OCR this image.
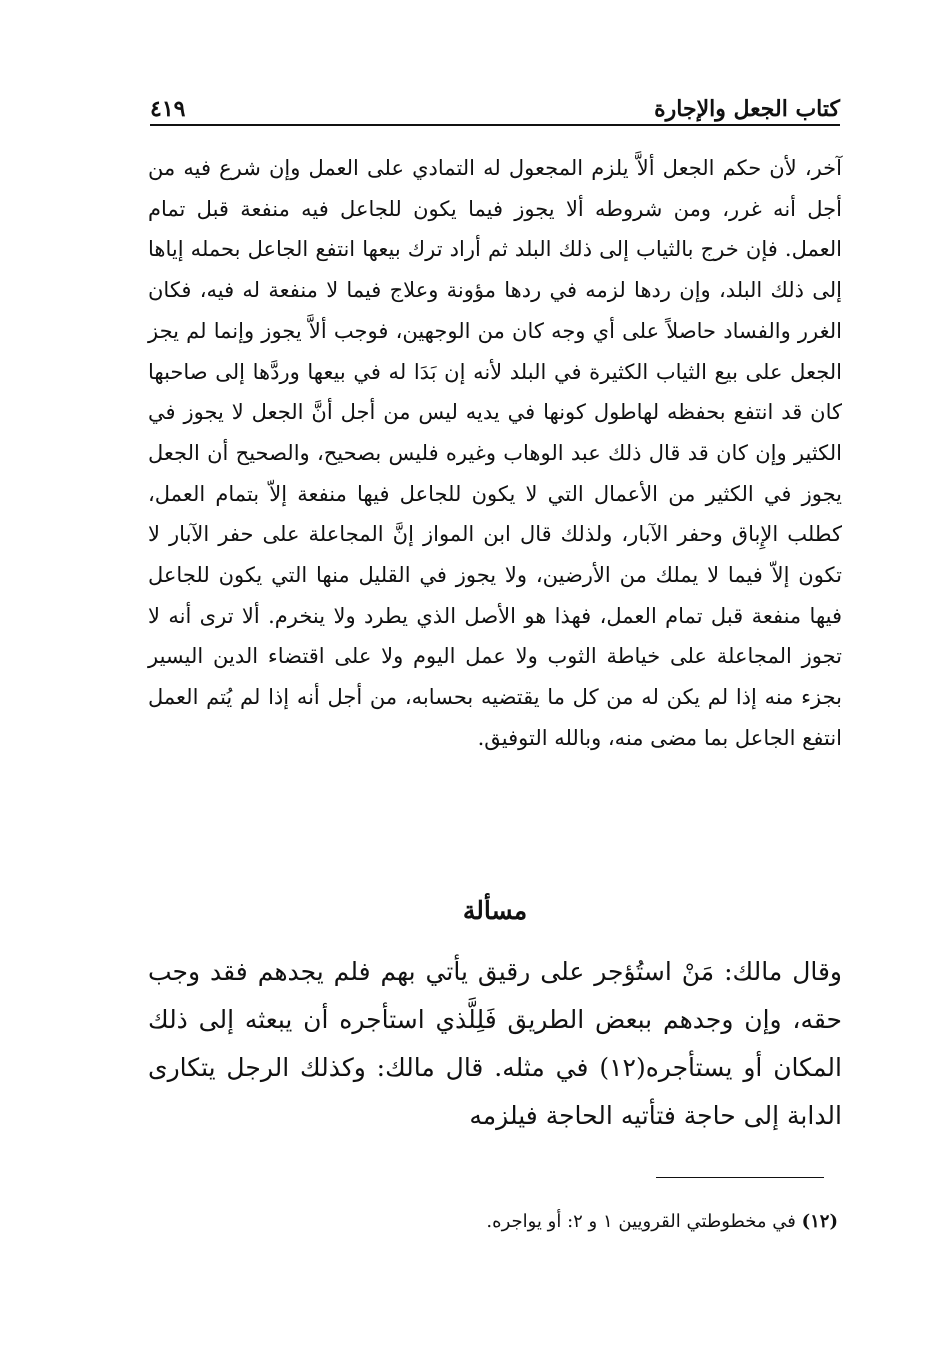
كتاب الجعل والإجارة
٤١٩

آخر، لأن حكم الجعل ألاَّ يلزم المجعول له التمادي على العمل وإن شرع فيه من أجل أنه غرر، ومن شروطه ألا يجوز فيما يكون للجاعل فيه منفعة قبل تمام العمل. فإن خرج بالثياب إلى ذلك البلد ثم أراد ترك بيعها انتفع الجاعل بحمله إياها إلى ذلك البلد، وإن ردها لزمه في ردها مؤونة وعلاج فيما لا منفعة له فيه، فكان الغرر والفساد حاصلاً على أي وجه كان من الوجهين، فوجب ألاَّ يجوز وإنما لم يجز الجعل على بيع الثياب الكثيرة في البلد لأنه إن بَدَا له في بيعها وردَّها إلى صاحبها كان قد انتفع بحفظه لهاطول كونها في يديه ليس من أجل أنَّ الجعل لا يجوز في الكثير وإن كان قد قال ذلك عبد الوهاب وغيره فليس بصحيح، والصحيح أن الجعل يجوز في الكثير من الأعمال التي لا يكون للجاعل فيها منفعة إلاّ بتمام العمل، كطلب الإِباق وحفر الآبار، ولذلك قال ابن المواز إنَّ المجاعلة على حفر الآبار لا تكون إلاّ فيما لا يملك من الأرضين، ولا يجوز في القليل منها التي يكون للجاعل فيها منفعة قبل تمام العمل، فهذا هو الأصل الذي يطرد ولا ينخرم. ألا ترى أنه لا تجوز المجاعلة على خياطة الثوب ولا عمل اليوم ولا على اقتضاء الدين اليسير بجزء منه إذا لم يكن له من كل ما يقتضيه بحسابه، من أجل أنه إذا لم يُتم العمل انتفع الجاعل بما مضى منه، وبالله التوفيق.

مسألة

وقال مالك: مَنْ استُؤجر على رقيق يأتي بهم فلم يجدهم فقد وجب حقه، وإن وجدهم ببعض الطريق فَلِلَّذي استأجره أن يبعثه إلى ذلك المكان أو يستأجره(١٢) في مثله. قال مالك: وكذلك الرجل يتكارى الدابة إلى حاجة فتأتيه الحاجة فيلزمه

(١٢) في مخطوطتي القرويين ١ و ٢: أو يواجره.
